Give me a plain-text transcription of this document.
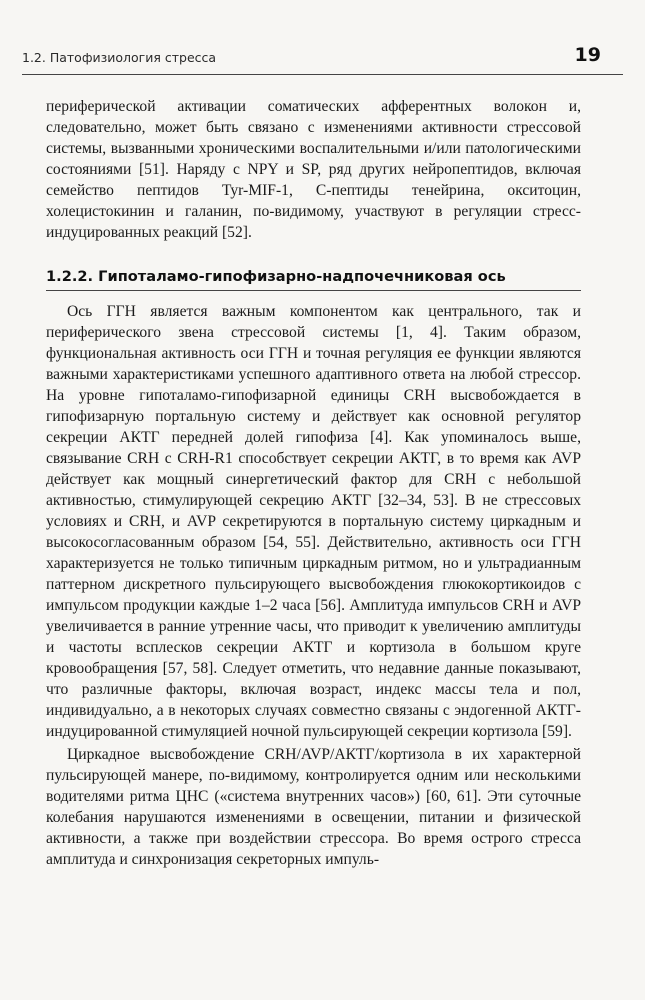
1.2. Патофизиология стресса	19

периферической активации соматических афферентных волокон и, следовательно, может быть связано с изменениями активности стрессовой системы, вызванными хроническими воспалительными и/или патологическими состояниями [51]. Наряду с NPY и SP, ряд других нейропептидов, включая семейство пептидов Tyr-MIF-1, С-пептиды тенейрина, окситоцин, холецистокинин и галанин, по-видимому, участвуют в регуляции стресс-индуцированных реакций [52].

1.2.2. Гипоталамо-гипофизарно-надпочечниковая ось

Ось ГГН является важным компонентом как центрального, так и периферического звена стрессовой системы [1, 4]. Таким образом, функциональная активность оси ГГН и точная регуляция ее функции являются важными характеристиками успешного адаптивного ответа на любой стрессор. На уровне гипоталамо-гипофизарной единицы CRH высвобождается в гипофизарную портальную систему и действует как основной регулятор секреции АКТГ передней долей гипофиза [4]. Как упоминалось выше, связывание CRH с CRH-R1 способствует секреции АКТГ, в то время как AVP действует как мощный синергетический фактор для CRH с небольшой активностью, стимулирующей секрецию АКТГ [32–34, 53]. В не стрессовых условиях и CRH, и AVP секретируются в портальную систему циркадным и высокосогласованным образом [54, 55]. Действительно, активность оси ГГН характеризуется не только типичным циркадным ритмом, но и ультрадианным паттерном дискретного пульсирующего высвобождения глюкокортикоидов с импульсом продукции каждые 1–2 часа [56]. Амплитуда импульсов CRH и AVP увеличивается в ранние утренние часы, что приводит к увеличению амплитуды и частоты всплесков секреции АКТГ и кортизола в большом круге кровообращения [57, 58]. Следует отметить, что недавние данные показывают, что различные факторы, включая возраст, индекс массы тела и пол, индивидуально, а в некоторых случаях совместно связаны с эндогенной АКТГ-индуцированной стимуляцией ночной пульсирующей секреции кортизола [59].

Циркадное высвобождение CRH/AVP/АКТГ/кортизола в их характерной пульсирующей манере, по-видимому, контролируется одним или несколькими водителями ритма ЦНС («система внутренних часов») [60, 61]. Эти суточные колебания нарушаются изменениями в освещении, питании и физической активности, а также при воздействии стрессора. Во время острого стресса амплитуда и синхронизация секреторных импуль-
